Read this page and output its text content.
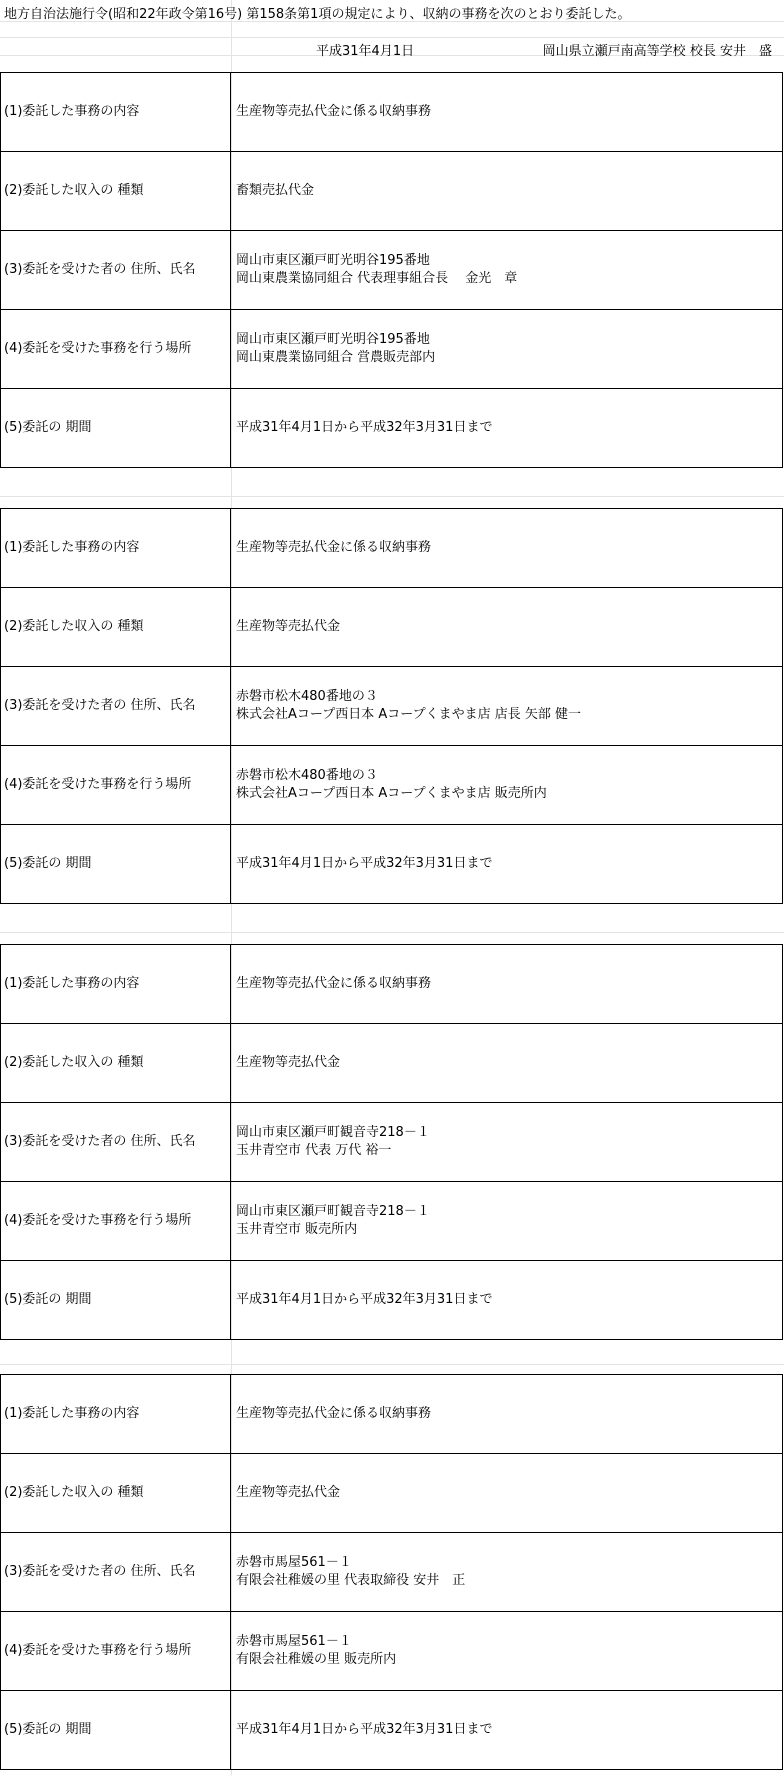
地方自治法施行令(昭和22年政令第16号) 第158条第1項の規定により、収納の事務を次のとおり委託した。
平成31年4月1日	岡山県立瀬戸南高等学校 校長 安井　盛
(1)委託した事務の内容	生産物等売払代金に係る収納事務
(2)委託した収入の 種類	畜類売払代金
(3)委託を受けた者の 住所、氏名	岡山市東区瀬戸町光明谷195番地
岡山東農業協同組合 代表理事組合長　 金光　章

(4)委託を受けた事務を行う場所	岡山市東区瀬戸町光明谷195番地
岡山東農業協同組合 営農販売部内

(5)委託の 期間	平成31年4月1日から平成32年3月31日まで
(1)委託した事務の内容	生産物等売払代金に係る収納事務
(2)委託した収入の 種類	生産物等売払代金
(3)委託を受けた者の 住所、氏名	赤磐市松木480番地の３
株式会社Aコープ西日本 Aコープくまやま店 店長 矢部 健一

(4)委託を受けた事務を行う場所	赤磐市松木480番地の３
株式会社Aコープ西日本 Aコープくまやま店 販売所内

(5)委託の 期間	平成31年4月1日から平成32年3月31日まで
(1)委託した事務の内容	生産物等売払代金に係る収納事務
(2)委託した収入の 種類	生産物等売払代金
(3)委託を受けた者の 住所、氏名	岡山市東区瀬戸町観音寺218－１
玉井青空市 代表 万代 裕一

(4)委託を受けた事務を行う場所	岡山市東区瀬戸町観音寺218－１
玉井青空市 販売所内

(5)委託の 期間	平成31年4月1日から平成32年3月31日まで
(1)委託した事務の内容	生産物等売払代金に係る収納事務
(2)委託した収入の 種類	生産物等売払代金
(3)委託を受けた者の 住所、氏名	赤磐市馬屋561－１
有限会社稚媛の里 代表取締役 安井　正

(4)委託を受けた事務を行う場所	赤磐市馬屋561－１
有限会社稚媛の里 販売所内

(5)委託の 期間	平成31年4月1日から平成32年3月31日まで
